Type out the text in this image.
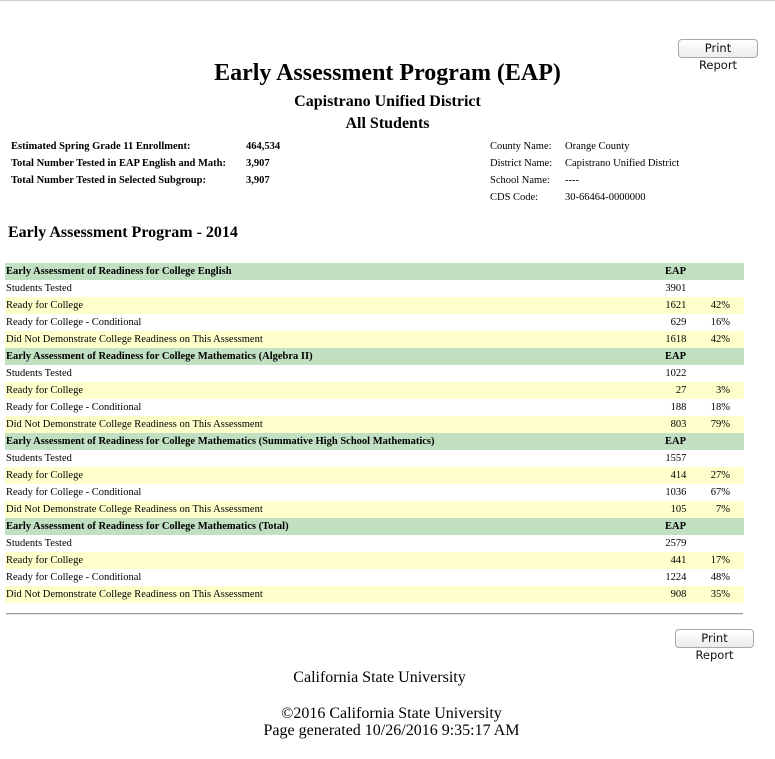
Print Report
Early Assessment Program (EAP)
Capistrano Unified District
All Students
Estimated Spring Grade 11 Enrollment:	464,534
Total Number Tested in EAP English and Math: 3,907
Total Number Tested in Selected Subgroup:	3,907
County Name: Orange County
District Name: Capistrano Unified District
School Name: ----
CDS Code:	30-66464-0000000
Early Assessment Program - 2014
Early Assessment of Readiness for College English	EAP	
Students Tested	3901	
Ready for College	1621	42%
Ready for College - Conditional	629	16%
Did Not Demonstrate College Readiness on This Assessment	1618	42%
Early Assessment of Readiness for College Mathematics (Algebra II)	EAP	
Students Tested	1022	
Ready for College	27	3%
Ready for College - Conditional	188	18%
Did Not Demonstrate College Readiness on This Assessment	803	79%
Early Assessment of Readiness for College Mathematics (Summative High School Mathematics)	EAP	
Students Tested	1557	
Ready for College	414	27%
Ready for College - Conditional	1036	67%
Did Not Demonstrate College Readiness on This Assessment	105	7%
Early Assessment of Readiness for College Mathematics (Total)	EAP	
Students Tested	2579	
Ready for College	441	17%
Ready for College - Conditional	1224	48%
Did Not Demonstrate College Readiness on This Assessment	908	35%
Print Report

California State University

©2016 California State University

Page generated 10/26/2016 9:35:17 AM
